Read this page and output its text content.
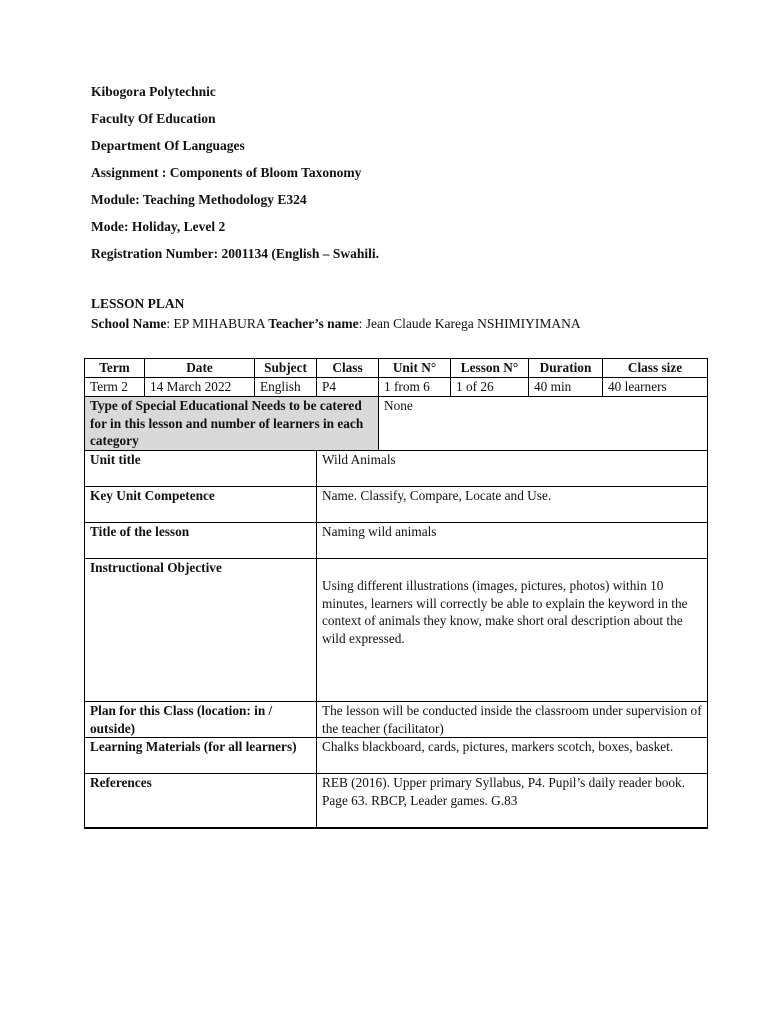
Kibogora Polytechnic
Faculty Of Education
Department Of Languages
Assignment : Components of Bloom Taxonomy
Module: Teaching Methodology E324
Mode: Holiday, Level 2
Registration Number: 2001134 (English – Swahili.
LESSON PLAN
School Name: EP MIHABURA Teacher’s name: Jean Claude Karega NSHIMIYIMANA
Term	Date	Subject	Class	Unit N°	Lesson N°	Duration	Class size
Term 2	14 March 2022	English	P4	1 from 6	1 of 26	40 min	40 learners
Type of Special Educational Needs to be catered for in this lesson and number of learners in each category				None			
Unit title			Wild Animals				
Key Unit Competence			Name. Classify, Compare, Locate and Use.				
Title of the lesson			Naming wild animals				
Instructional Objective			Using different illustrations (images, pictures, photos) within 10 minutes, learners will correctly be able to explain the keyword in the context of animals they know, make short oral description about the wild expressed.				

Plan for this Class (location: in / outside)			The lesson will be conducted inside the classroom under supervision of the teacher (facilitator)				
Learning Materials (for all learners)			Chalks blackboard, cards, pictures, markers scotch, boxes, basket.				
References			REB (2016). Upper primary Syllabus, P4. Pupil’s daily reader book. Page 63. RBCP, Leader games. G.83				
